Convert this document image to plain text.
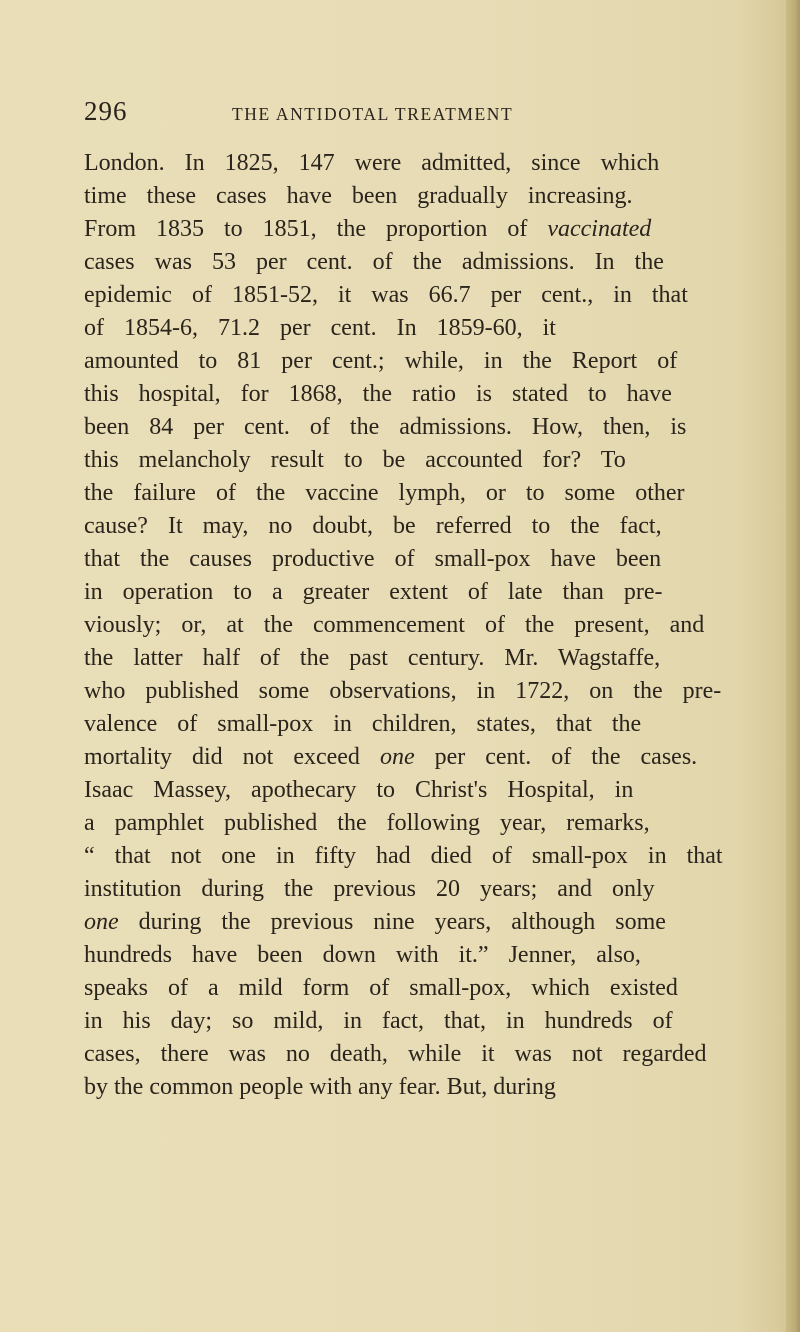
296	THE ANTIDOTAL TREATMENT
London. In 1825, 147 were admitted, since which
time these cases have been gradually increasing.
From 1835 to 1851, the proportion of vaccinated
cases was 53 per cent. of the admissions. In the
epidemic of 1851-52, it was 66.7 per cent., in that
of 1854-6, 71.2 per cent. In 1859-60, it
amounted to 81 per cent.; while, in the Report of
this hospital, for 1868, the ratio is stated to have
been 84 per cent. of the admissions. How, then, is
this melancholy result to be accounted for? To
the failure of the vaccine lymph, or to some other
cause? It may, no doubt, be referred to the fact,
that the causes productive of small-pox have been
in operation to a greater extent of late than pre-
viously; or, at the commencement of the present, and
the latter half of the past century. Mr. Wagstaffe,
who published some observations, in 1722, on the pre-
valence of small-pox in children, states, that the
mortality did not exceed one per cent. of the cases.
Isaac Massey, apothecary to Christ's Hospital, in
a pamphlet published the following year, remarks,
“ that not one in fifty had died of small-pox in that
institution during the previous 20 years; and only
one during the previous nine years, although some
hundreds have been down with it.” Jenner, also,
speaks of a mild form of small-pox, which existed
in his day; so mild, in fact, that, in hundreds of
cases, there was no death, while it was not regarded
by the common people with any fear. But, during
